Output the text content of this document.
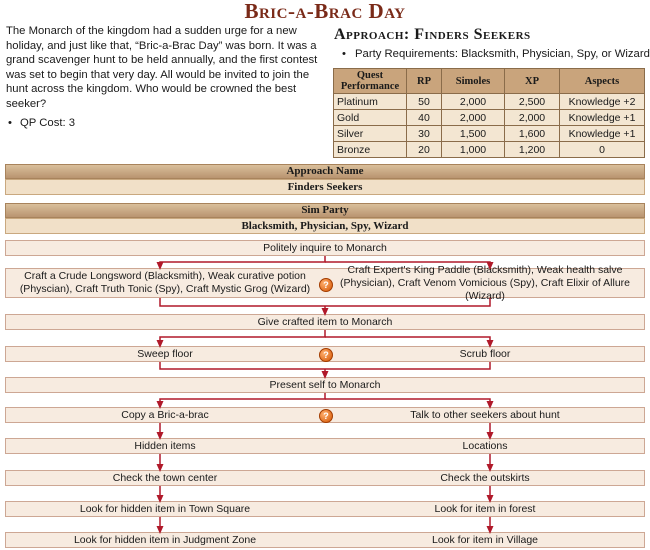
Bric-a-Brac Day

The Monarch of the kingdom had a sudden urge for a new holiday, and just like that, “Bric-a-Brac Day” was born. It was a grand scavenger hunt to be held annually, and the first contest was set to begin that very day. All would be invited to join the hunt across the kingdom. Who would be crowned the best seeker?

• QP Cost: 3
Approach: Finders Seekers
• Party Requirements: Blacksmith, Physician, Spy, or Wizard
Quest Performance	RP	Simoles	XP	Aspects
Platinum	50	2,000	2,500	Knowledge +2
Gold	40	2,000	2,000	Knowledge +1
Silver	30	1,500	1,600	Knowledge +1
Bronze	20	1,000	1,200	0
Approach Name
Finders Seekers
Sim Party
Blacksmith, Physician, Spy, Wizard
Politely inquire to Monarch
Craft a Crude Longsword (Blacksmith), Weak curative potion (Physcian), Craft Truth Tonic (Spy), Craft Mystic Grog (Wizard)
Craft Expert's King Paddle (Blacksmith), Weak health salve (Physician), Craft Venom Vomicious (Spy), Craft Elixir of Allure (Wizard)
?
Give crafted item to Monarch
Sweep floor	Scrub floor
?
Present self to Monarch
Copy a Bric-a-brac	Talk to other seekers about hunt
?
Hidden items	Locations
Check the town center	Check the outskirts
Look for hidden item in Town Square	Look for item in forest
Look for hidden item in Judgment Zone	Look for item in Village
